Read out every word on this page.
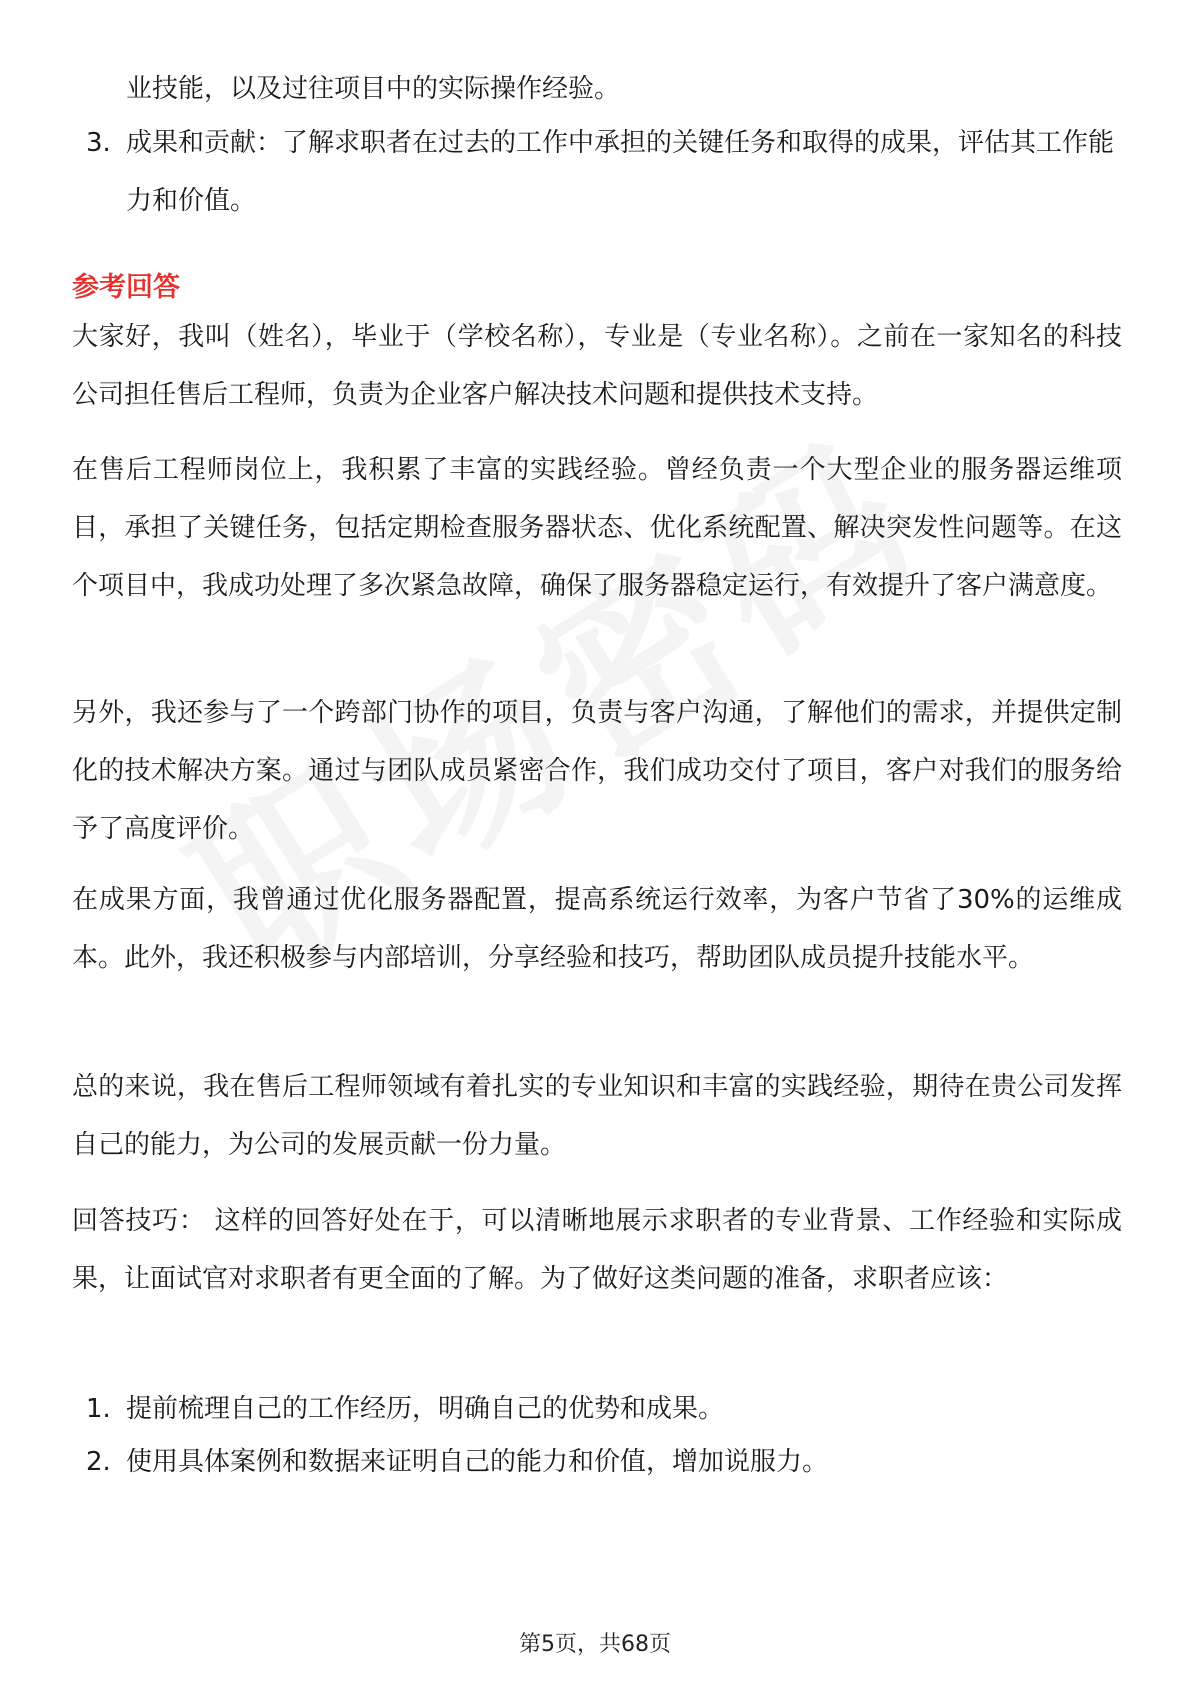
业技能，以及过往项目中的实际操作经验。
3. 成果和贡献：了解求职者在过去的工作中承担的关键任务和取得的成果，评估其工作能力和价值。
参考回答
大家好，我叫（姓名），毕业于（学校名称），专业是（专业名称）。之前在一家知名的科技公司担任售后工程师，负责为企业客户解决技术问题和提供技术支持。
在售后工程师岗位上，我积累了丰富的实践经验。曾经负责一个大型企业的服务器运维项目，承担了关键任务，包括定期检查服务器状态、优化系统配置、解决突发性问题等。在这个项目中，我成功处理了多次紧急故障，确保了服务器稳定运行，有效提升了客户满意度。
另外，我还参与了一个跨部门协作的项目，负责与客户沟通，了解他们的需求，并提供定制化的技术解决方案。通过与团队成员紧密合作，我们成功交付了项目，客户对我们的服务给予了高度评价。
在成果方面，我曾通过优化服务器配置，提高系统运行效率，为客户节省了30%的运维成本。此外，我还积极参与内部培训，分享经验和技巧，帮助团队成员提升技能水平。
总的来说，我在售后工程师领域有着扎实的专业知识和丰富的实践经验，期待在贵公司发挥自己的能力，为公司的发展贡献一份力量。
回答技巧： 这样的回答好处在于，可以清晰地展示求职者的专业背景、工作经验和实际成果，让面试官对求职者有更全面的了解。为了做好这类问题的准备，求职者应该：
1. 提前梳理自己的工作经历，明确自己的优势和成果。
2. 使用具体案例和数据来证明自己的能力和价值，增加说服力。
第5页，共68页
